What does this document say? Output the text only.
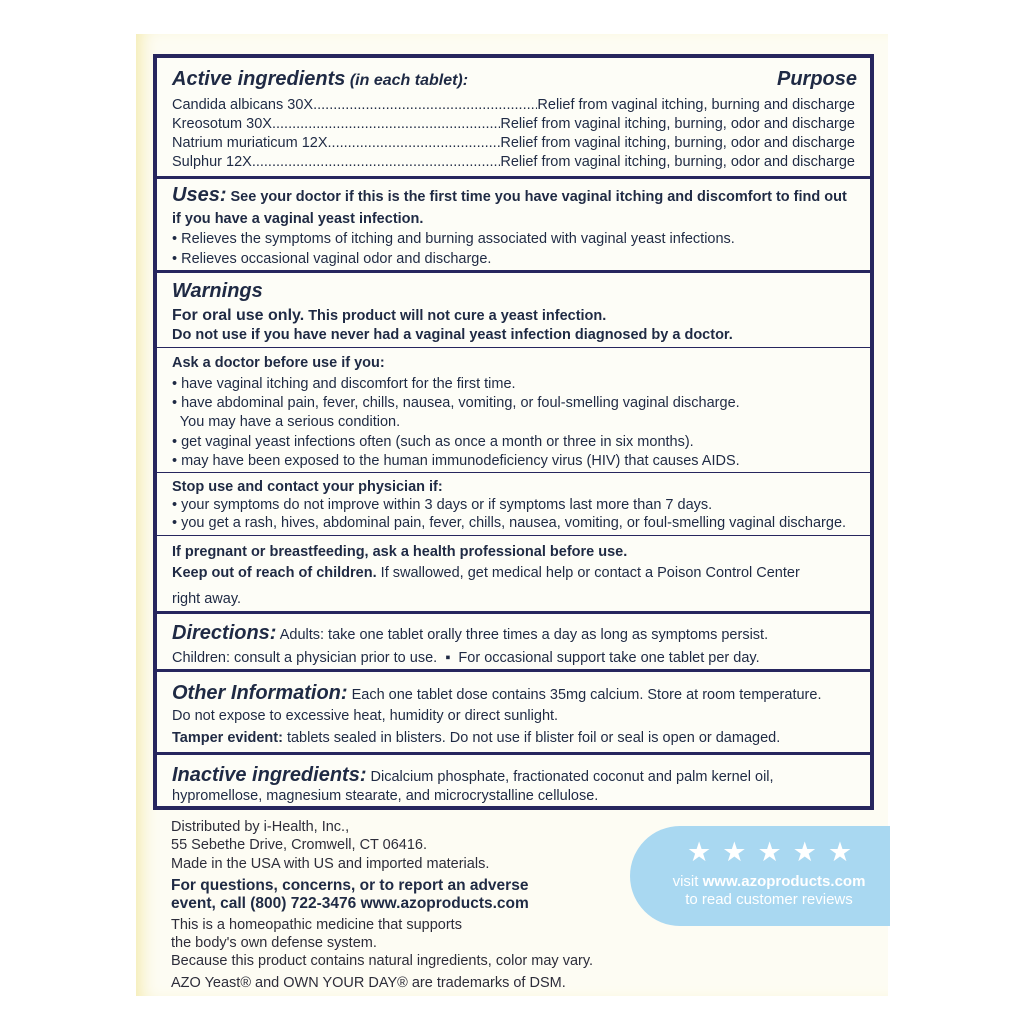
Active ingredients (in each tablet):	Purpose
Candida albicans 30X .....	Relief from vaginal itching, burning and discharge
Kreosotum 30X .....	Relief from vaginal itching, burning, odor and discharge
Natrium muriaticum 12X .....	Relief from vaginal itching, burning, odor and discharge
Sulphur 12X .....	Relief from vaginal itching, burning, odor and discharge
Uses: See your doctor if this is the first time you have vaginal itching and discomfort to find out
if you have a vaginal yeast infection.
• Relieves the symptoms of itching and burning associated with vaginal yeast infections.
• Relieves occasional vaginal odor and discharge.
Warnings
For oral use only. This product will not cure a yeast infection.
Do not use if you have never had a vaginal yeast infection diagnosed by a doctor.
Ask a doctor before use if you:
• have vaginal itching and discomfort for the first time.
• have abdominal pain, fever, chills, nausea, vomiting, or foul-smelling vaginal discharge.
You may have a serious condition.
• get vaginal yeast infections often (such as once a month or three in six months).
• may have been exposed to the human immunodeficiency virus (HIV) that causes AIDS.
Stop use and contact your physician if:
• your symptoms do not improve within 3 days or if symptoms last more than 7 days.
• you get a rash, hives, abdominal pain, fever, chills, nausea, vomiting, or foul-smelling vaginal discharge.
If pregnant or breastfeeding, ask a health professional before use.
Keep out of reach of children. If swallowed, get medical help or contact a Poison Control Center
right away.
Directions: Adults: take one tablet orally three times a day as long as symptoms persist.
Children: consult a physician prior to use.  ▪  For occasional support take one tablet per day.
Other Information: Each one tablet dose contains 35mg calcium. Store at room temperature.
Do not expose to excessive heat, humidity or direct sunlight.
Tamper evident: tablets sealed in blisters. Do not use if blister foil or seal is open or damaged.
Inactive ingredients: Dicalcium phosphate, fractionated coconut and palm kernel oil,
hypromellose, magnesium stearate, and microcrystalline cellulose.
Distributed by i-Health, Inc.,
55 Sebethe Drive, Cromwell, CT 06416.
Made in the USA with US and imported materials.
For questions, concerns, or to report an adverse
event, call (800) 722-3476 www.azoproducts.com
This is a homeopathic medicine that supports
the body's own defense system.
Because this product contains natural ingredients, color may vary.
AZO Yeast® and OWN YOUR DAY® are trademarks of DSM.
★ ★ ★ ★ ★
visit www.azoproducts.com
to read customer reviews
